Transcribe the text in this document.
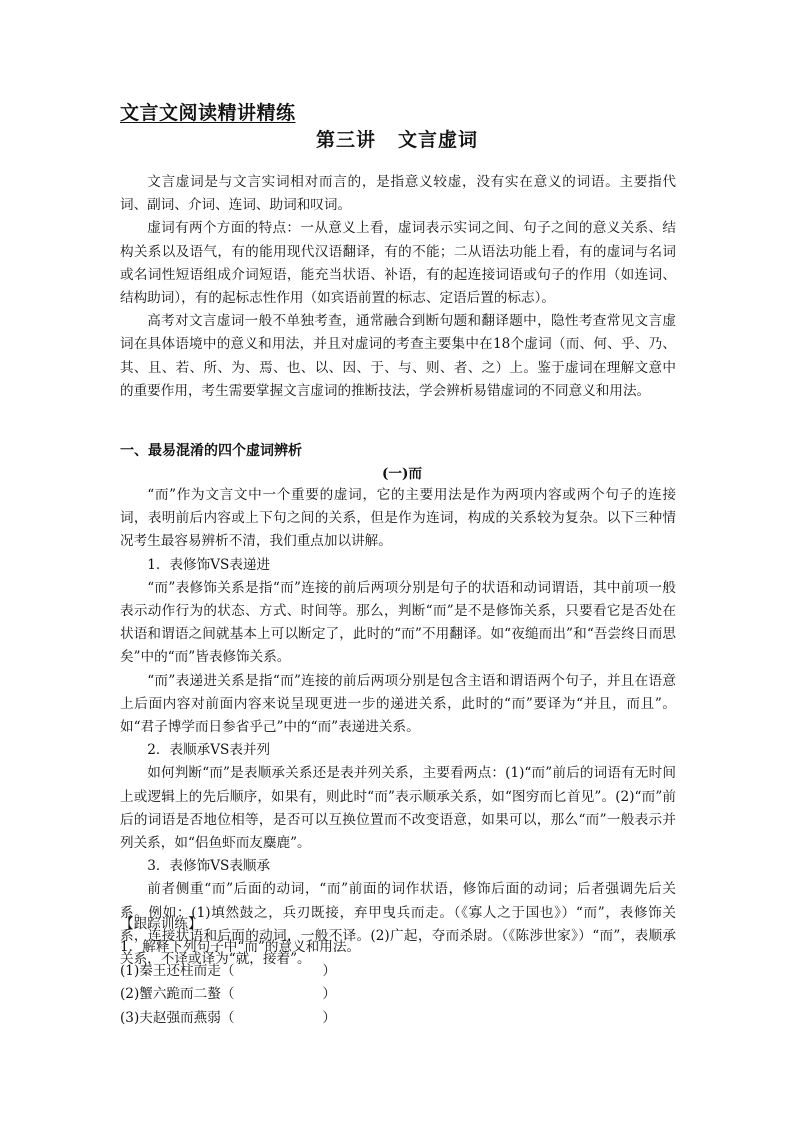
文言文阅读精讲精练
第三讲 文言虚词

文言虚词是与文言实词相对而言的，是指意义较虚，没有实在意义的词语。主要指代词、副词、介词、连词、助词和叹词。

虚词有两个方面的特点：一从意义上看，虚词表示实词之间、句子之间的意义关系、结构关系以及语气，有的能用现代汉语翻译，有的不能；二从语法功能上看，有的虚词与名词或名词性短语组成介词短语，能充当状语、补语，有的起连接词语或句子的作用（如连词、结构助词），有的起标志性作用（如宾语前置的标志、定语后置的标志）。

高考对文言虚词一般不单独考查，通常融合到断句题和翻译题中，隐性考查常见文言虚词在具体语境中的意义和用法，并且对虚词的考查主要集中在18个虚词（而、何、乎、乃、其、且、若、所、为、焉、也、以、因、于、与、则、者、之）上。鉴于虚词在理解文意中的重要作用，考生需要掌握文言虚词的推断技法，学会辨析易错虚词的不同意义和用法。

一、最易混淆的四个虚词辨析
(一)而

“而”作为文言文中一个重要的虚词，它的主要用法是作为两项内容或两个句子的连接词，表明前后内容或上下句之间的关系，但是作为连词，构成的关系较为复杂。以下三种情况考生最容易辨析不清，我们重点加以讲解。

1．表修饰VS表递进

“而”表修饰关系是指“而”连接的前后两项分别是句子的状语和动词谓语，其中前项一般表示动作行为的状态、方式、时间等。那么，判断“而”是不是修饰关系，只要看它是否处在状语和谓语之间就基本上可以断定了，此时的“而”不用翻译。如“夜缒而出”和“吾尝终日而思矣”中的“而”皆表修饰关系。

“而”表递进关系是指“而”连接的前后两项分别是包含主语和谓语两个句子，并且在语意上后面内容对前面内容来说呈现更进一步的递进关系，此时的“而”要译为“并且，而且”。如“君子博学而日参省乎己”中的“而”表递进关系。

2．表顺承VS表并列

如何判断“而”是表顺承关系还是表并列关系，主要看两点：(1)“而”前后的词语有无时间上或逻辑上的先后顺序，如果有，则此时“而”表示顺承关系，如“图穷而匕首见”。(2)“而”前后的词语是否地位相等，是否可以互换位置而不改变语意，如果可以，那么“而”一般表示并列关系，如“侣鱼虾而友麋鹿”。

3．表修饰VS表顺承

前者侧重“而”后面的动词，“而”前面的词作状语，修饰后面的动词；后者强调先后关系。例如：(1)填然鼓之，兵刃既接，弃甲曳兵而走。（《寡人之于国也》）“而”，表修饰关系，连接状语和后面的动词，一般不译。(2)广起，夺而杀尉。（《陈涉世家》）“而”，表顺承关系，不译或译为“就，接着”。

【跟踪训练】
1．解释下列句子中“而”的意义和用法。
(1)秦王还柱而走（	）
(2)蟹六跪而二螯（	）
(3)夫赵强而燕弱（	）
